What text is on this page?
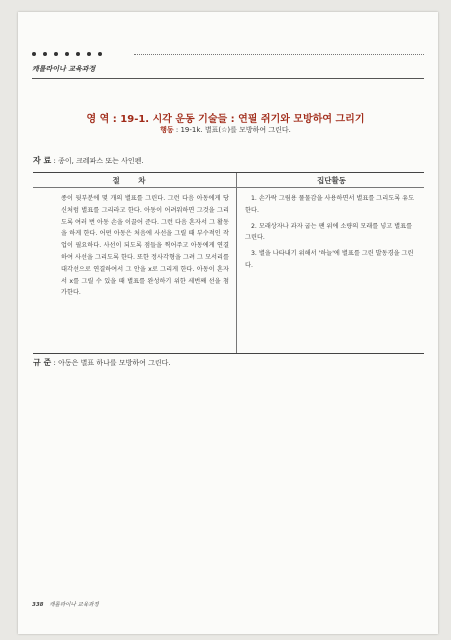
캐롤라이나 교육과정
영 역 : 19-1. 시각 운동 기술들 : 연필 쥐기와 모방하여 그리기
행동 : 19-1k. 별표(☆)를 모방하여 그린다.
자 료 : 종이, 크레파스 또는 사인펜.
절 차	집단활동
종이 뒷부분에 몇 개의 별표를 그린다. 그런 다음 아동에게 당신처럼 별표를 그리라고 한다. 아동이 어려워하면 그것을 그리도록 여러 번 아동 손을 이끌어 준다. 그런 다음 혼자서 그 활동을 하게 한다. 어떤 아동은 처음에 사선을 그릴 때 부수적인 작업이 필요하다. 사선이 되도록 점들을 찍어주고 아동에게 연결하여 사선을 그리도록 한다. 또한 정사각형을 그려 그 모서리를 대각선으로 연결하여서 그 안을 x로 그리게 한다. 아동이 혼자서 x를 그릴 수 있을 때 별표를 완성하기 위한 세번째 선을 첨가한다.

1. 손가락 그림용 풀물감을 사용하면서 별표를 그리도록 유도한다.

2. 모래상자나 과자 굽는 팬 위에 소량의 모래를 넣고 별표를 그린다.

3. 별을 나타내기 위해서 '하늘'에 별표를 그린 발동경을 그린다.

규 준 : 아동은 별표 하나를 모방하여 그린다.
338 캐롤라이나 교육과정
